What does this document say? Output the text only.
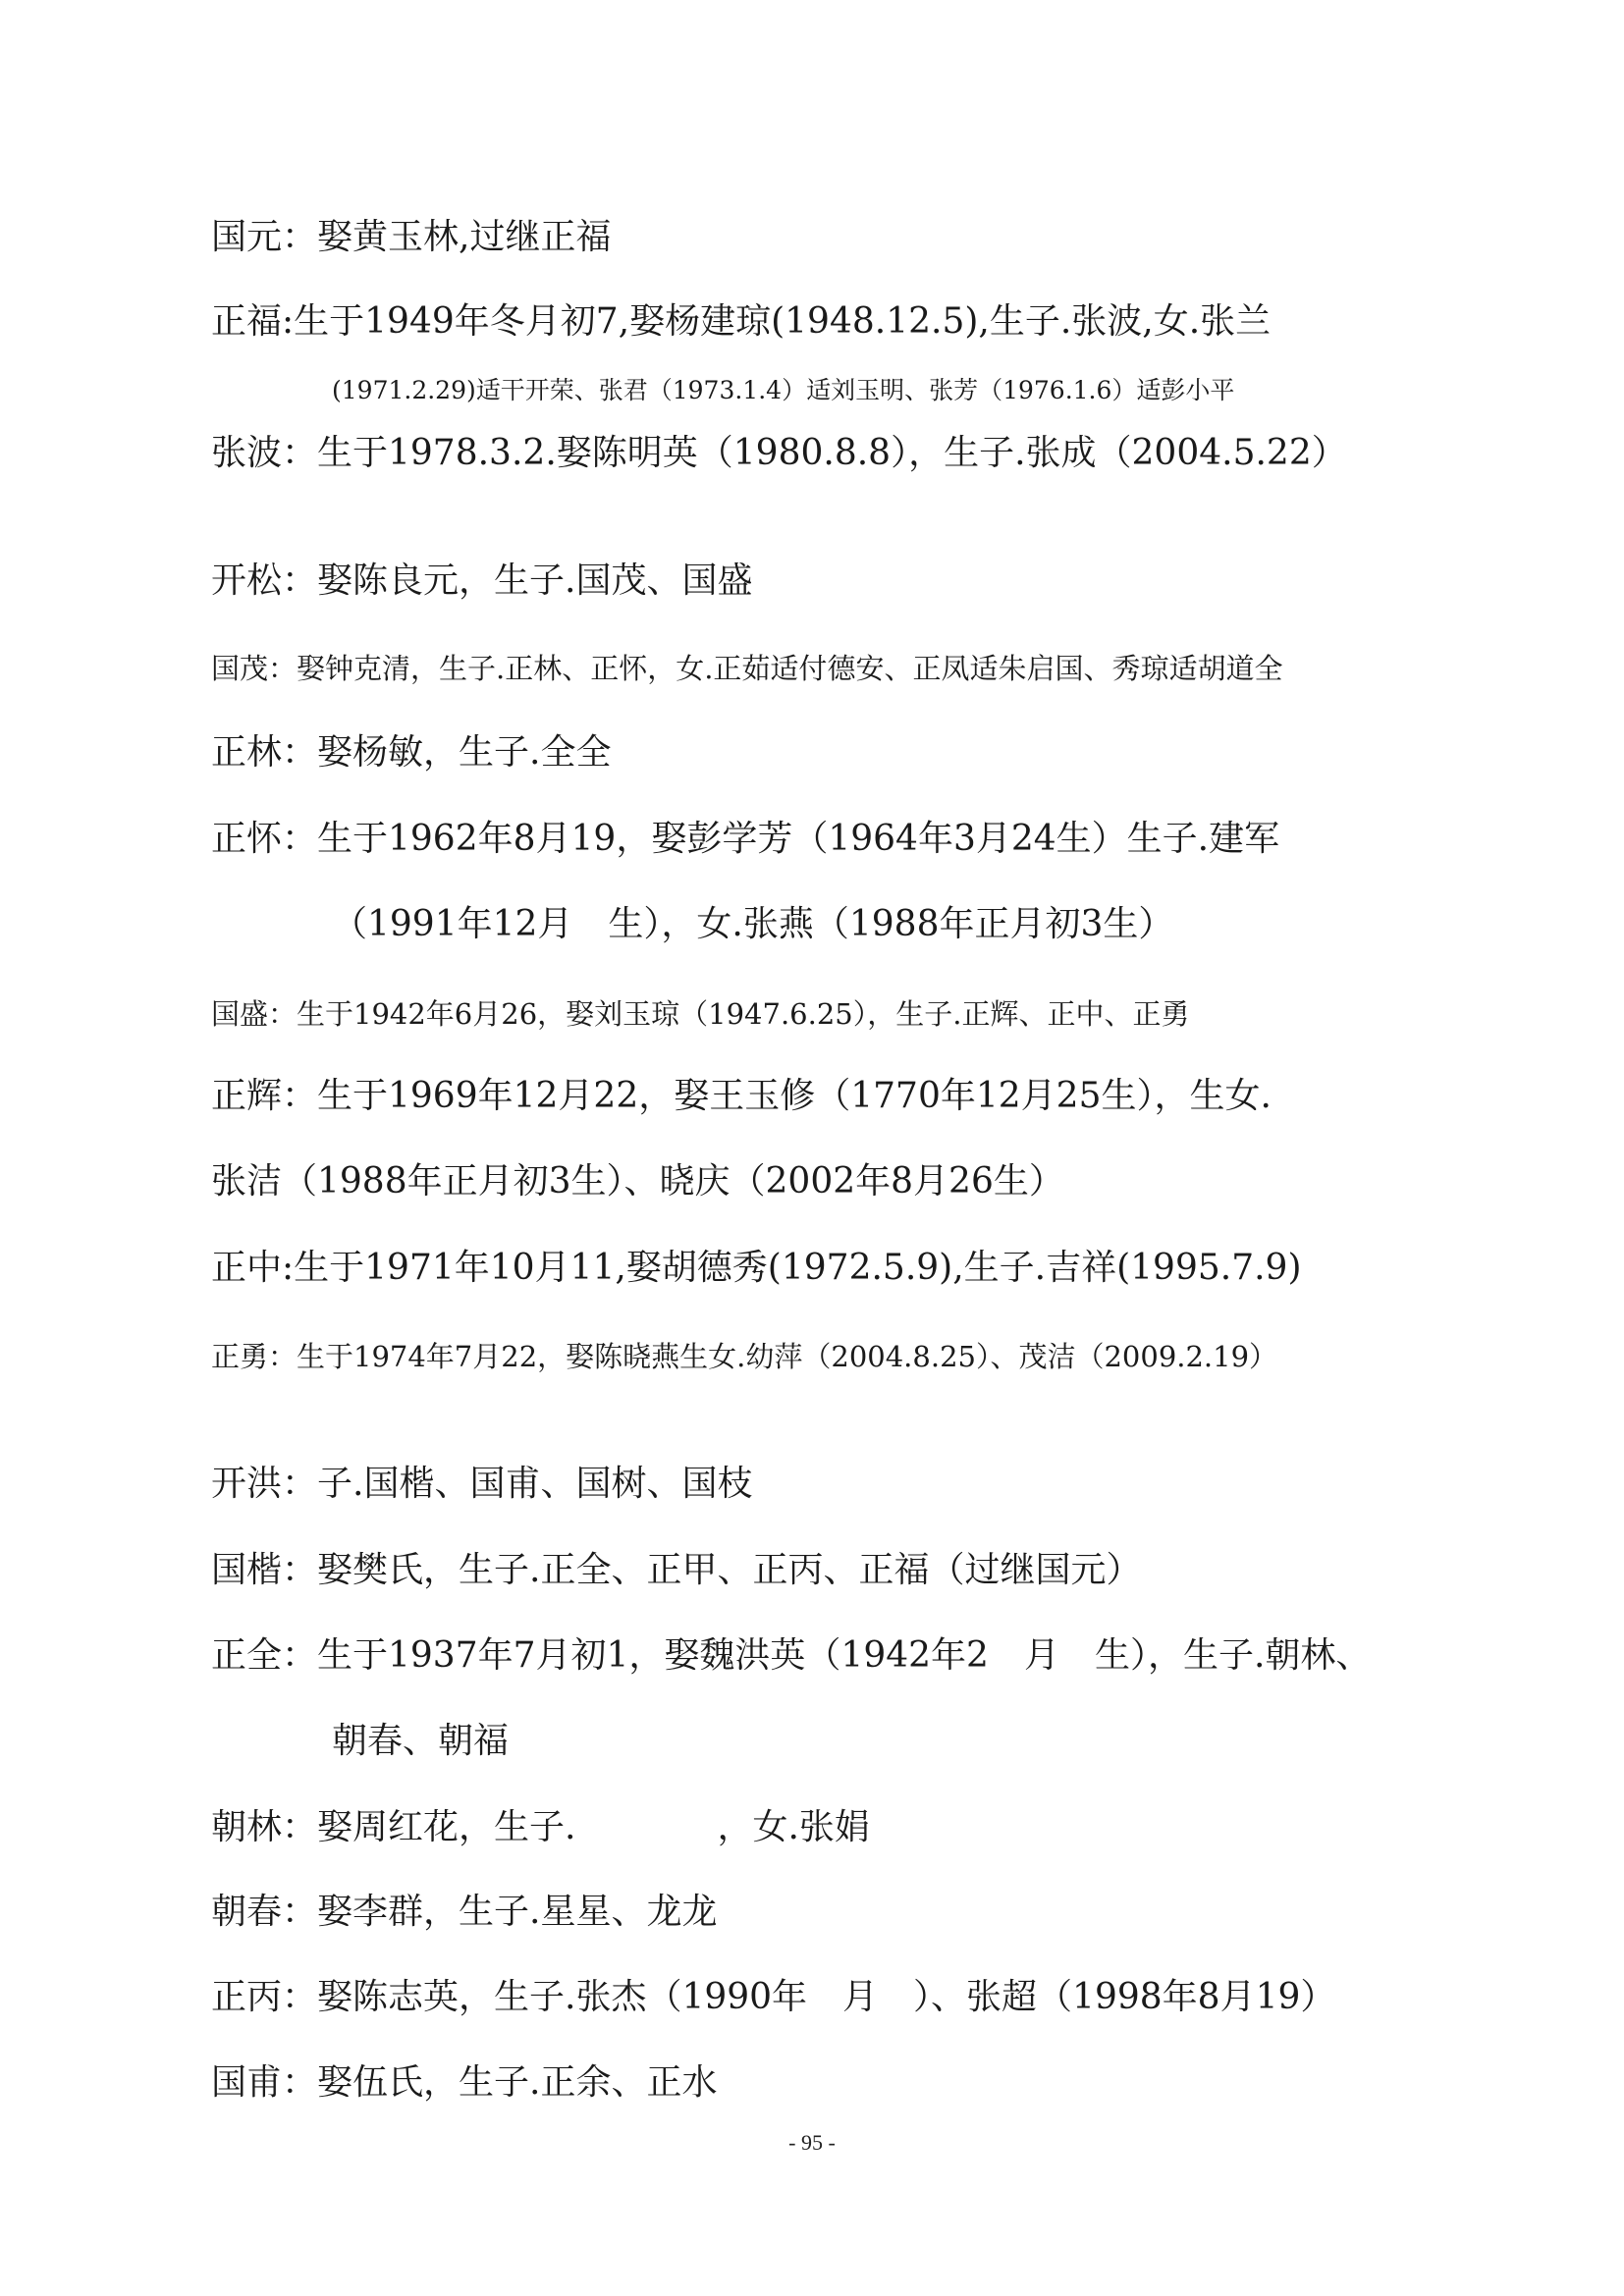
国元：娶黄玉林,过继正福
正福:生于1949年冬月初7,娶杨建琼(1948.12.5),生子.张波,女.张兰
(1971.2.29)适干开荣、张君（1973.1.4）适刘玉明、张芳（1976.1.6）适彭小平
张波：生于1978.3.2.娶陈明英（1980.8.8），生子.张成（2004.5.22）
开松：娶陈良元，生子.国茂、国盛
国茂：娶钟克清，生子.正林、正怀，女.正茹适付德安、正凤适朱启国、秀琼适胡道全
正林：娶杨敏，生子.全全
正怀：生于1962年8月19，娶彭学芳（1964年3月24生）生子.建军
（1991年12月　生），女.张燕（1988年正月初3生）
国盛：生于1942年6月26，娶刘玉琼（1947.6.25），生子.正辉、正中、正勇
正辉：生于1969年12月22，娶王玉修（1770年12月25生），生女.
张洁（1988年正月初3生）、晓庆（2002年8月26生）
正中:生于1971年10月11,娶胡德秀(1972.5.9),生子.吉祥(1995.7.9)
正勇：生于1974年7月22，娶陈晓燕生女.幼萍（2004.8.25）、茂洁（2009.2.19）
开洪：子.国楷、国甫、国树、国枝
国楷：娶樊氏，生子.正全、正甲、正丙、正福（过继国元）
正全：生于1937年7月初1，娶魏洪英（1942年2　月　生），生子.朝林、
朝春、朝福
朝林：娶周红花，生子.　　　　，女.张娟
朝春：娶李群，生子.星星、龙龙
正丙：娶陈志英，生子.张杰（1990年　月　）、张超（1998年8月19）
国甫：娶伍氏，生子.正余、正水
- 95 -
